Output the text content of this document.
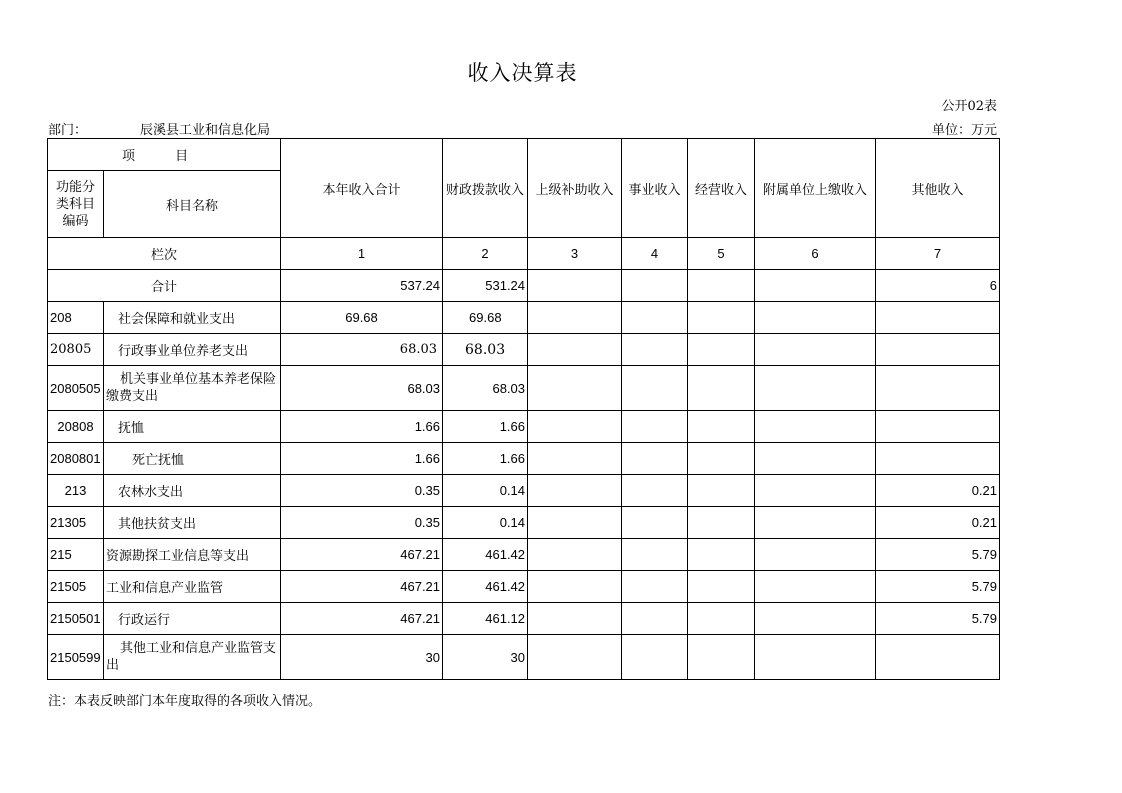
收入决算表
公开02表
部门：	辰溪县工业和信息化局	单位：万元
项 目		本年收入合计	财政拨款收入	上级补助收入	事业收入	经营收入	附属单位上缴收入	其他收入
功能分类科目编码	科目名称							
栏次		1	2	3	4	5	6	7
合计		537.24	531.24					6
208	社会保障和就业支出	69.68	69.68					
20805	行政事业单位养老支出	68.03	68.03					
2080505	机关事业单位基本养老保险缴费支出	68.03	68.03					
20808	抚恤	1.66	1.66					
2080801	死亡抚恤	1.66	1.66					
213	农林水支出	0.35	0.14					0.21
21305	其他扶贫支出	0.35	0.14					0.21
215	资源勘探工业信息等支出	467.21	461.42					5.79
21505	工业和信息产业监管	467.21	461.42					5.79
2150501	行政运行	467.21	461.12					5.79
2150599	其他工业和信息产业监管支出	30	30					
注：本表反映部门本年度取得的各项收入情况。
